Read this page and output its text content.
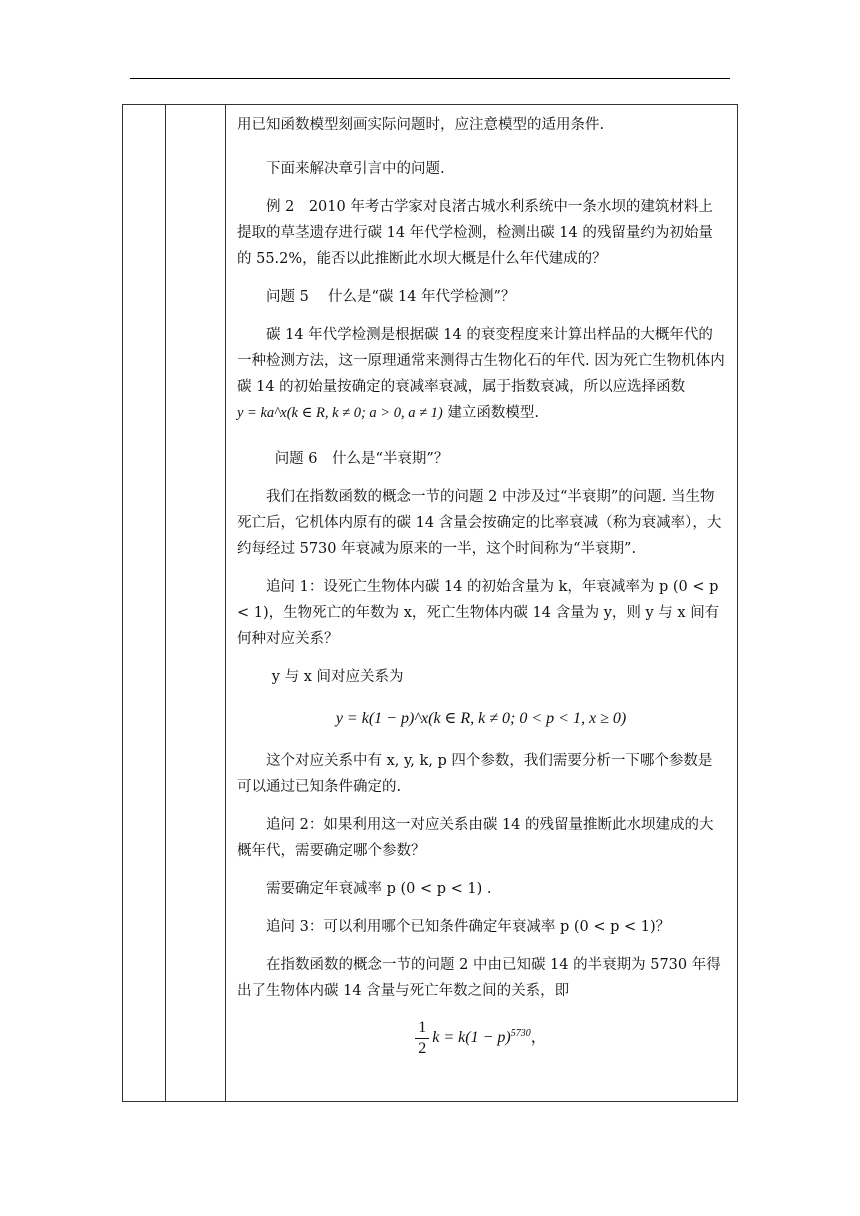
用已知函数模型刻画实际问题时，应注意模型的适用条件.

下面来解决章引言中的问题.

例 2　2010 年考古学家对良渚古城水利系统中一条水坝的建筑材料上提取的草茎遗存进行碳 14 年代学检测，检测出碳 14 的残留量约为初始量的 55.2%，能否以此推断此水坝大概是什么年代建成的？

问题 5　 什么是“碳 14 年代学检测”？

碳 14 年代学检测是根据碳 14 的衰变程度来计算出样品的大概年代的一种检测方法，这一原理通常来测得古生物化石的年代. 因为死亡生物机体内碳 14 的初始量按确定的衰减率衰减，属于指数衰减，所以应选择函数
y = ka^x(k ∈ R, k ≠ 0; a > 0, a ≠ 1) 建立函数模型.

问题 6　什么是“半衰期”？

我们在指数函数的概念一节的问题 2 中涉及过“半衰期”的问题. 当生物死亡后，它机体内原有的碳 14 含量会按确定的比率衰减（称为衰减率），大约每经过 5730 年衰减为原来的一半，这个时间称为“半衰期”.

追问 1：设死亡生物体内碳 14 的初始含量为 k，年衰减率为 p (0 < p < 1)，生物死亡的年数为 x，死亡生物体内碳 14 含量为 y，则 y 与 x 间有何种对应关系？

y 与 x 间对应关系为

y = k(1 − p)^x(k ∈ R, k ≠ 0; 0 < p < 1, x ≥ 0)

这个对应关系中有 x, y, k, p 四个参数，我们需要分析一下哪个参数是可以通过已知条件确定的.

追问 2：如果利用这一对应关系由碳 14 的残留量推断此水坝建成的大概年代，需要确定哪个参数？

需要确定年衰减率 p (0 < p < 1) .

追问 3：可以利用哪个已知条件确定年衰减率 p (0 < p < 1)？

在指数函数的概念一节的问题 2 中由已知碳 14 的半衰期为 5730 年得出了生物体内碳 14 含量与死亡年数之间的关系，即

$\frac{1}{2}$ $k = k(1 - p)^{5730}$，
